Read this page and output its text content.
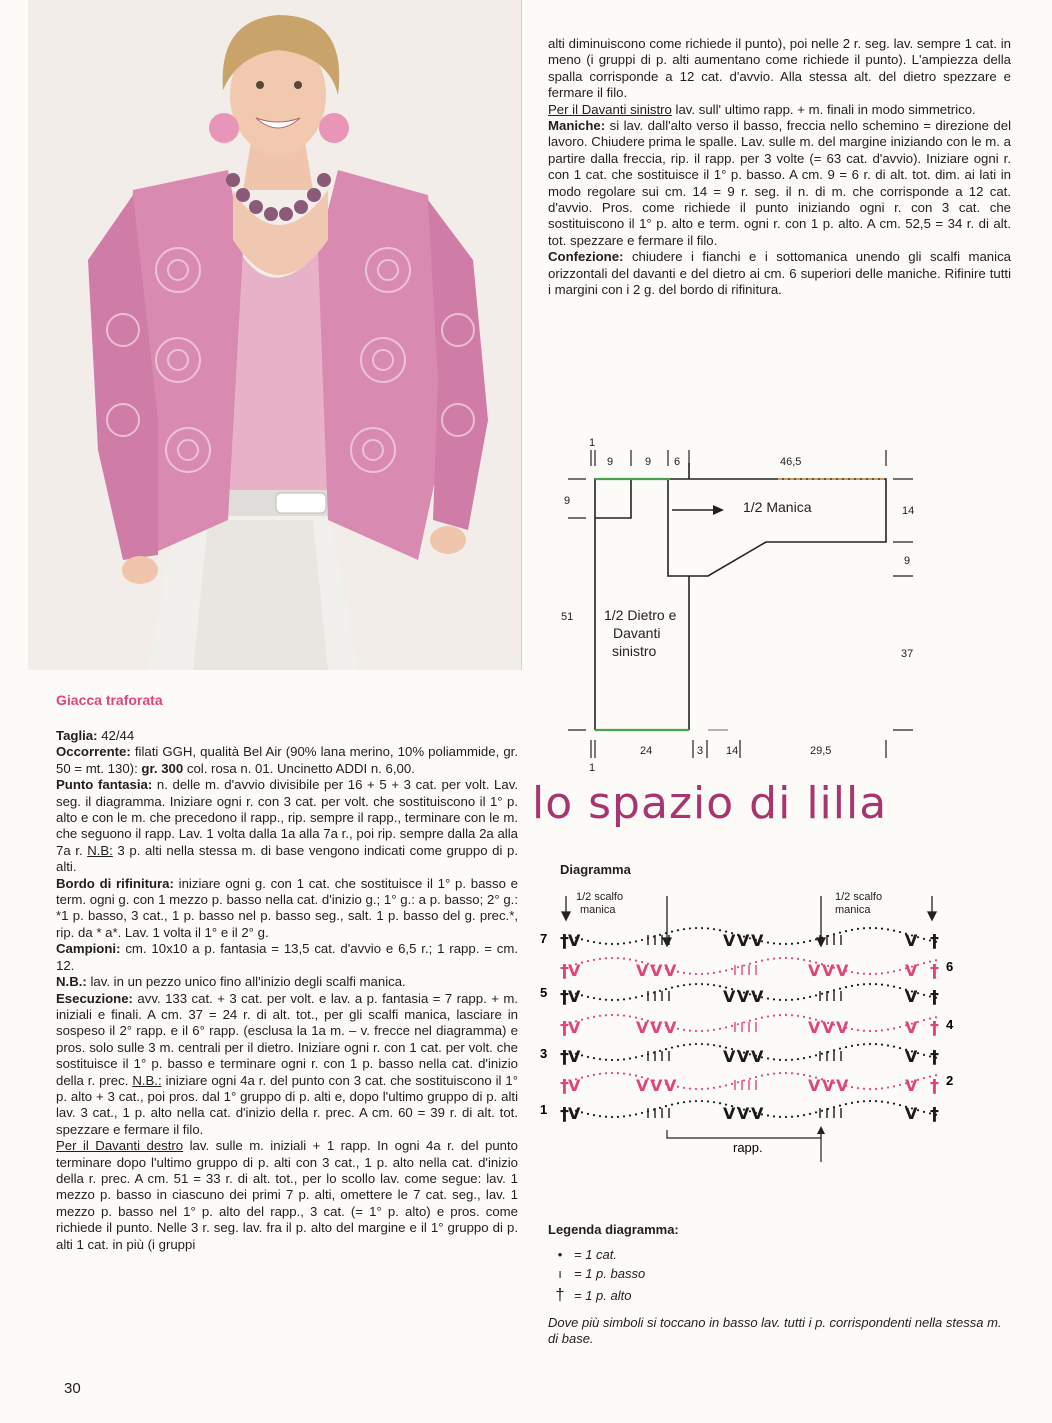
alti diminuiscono come richiede il punto), poi nelle 2 r. seg. lav. sempre 1 cat. in meno (i gruppi di p. alti aumentano come richiede il punto). L'ampiezza della spalla corrisponde a 12 cat. d'avvio. Alla stessa alt. del dietro spezzare e fermare il filo.

Per il Davanti sinistro lav. sull' ultimo rapp. + m. finali in modo simmetrico.

Maniche: si lav. dall'alto verso il basso, freccia nello schemino = direzione del lavoro. Chiudere prima le spalle. Lav. sulle m. del margine iniziando con le m. a partire dalla freccia, rip. il rapp. per 3 volte (= 63 cat. d'avvio). Iniziare ogni r. con 1 cat. che sostituisce il 1° p. basso. A cm. 9 = 6 r. di alt. tot. dim. ai lati in modo regolare sui cm. 14 = 9 r. seg. il n. di m. che corrisponde a 12 cat. d'avvio. Pros. come richiede il punto iniziando ogni r. con 3 cat. che sostituiscono il 1° p. alto e term. ogni r. con 1 p. alto. A cm. 52,5 = 34 r. di alt. tot. spezzare e fermare il filo.

Confezione: chiudere i fianchi e i sottomanica unendo gli scalfi manica orizzontali del davanti e del dietro ai cm. 6 superiori delle maniche. Rifinire tutti i margini con i 2 g. del bordo di rifinitura.

1
9	9 6	46,5
9
51
14
9
37
24	3 14	29,5
1
1/2 Manica
1/2 Dietro e
Davanti
sinistro
lo spazio di lilla
Diagramma
1/2 scalfo
manica
1/2 scalfo
manica
V	V V V	V
†	†
V	V V V	V V V	V
†	†
V	V V V	V
†	†
V	V V V	V V V	V
†	†
V	V V V	V
†	†
V	V V V	V V V	V
†	†
V	V V V	V
†	†
7
5
3
1
6
4
2
rapp.
Legenda diagramma:
• = 1 cat.
ı = 1 p. basso
† = 1 p. alto
Dove più simboli si toccano in basso lav. tutti i p. corrispondenti nella stessa m. di base.
Giacca traforata

Taglia: 42/44

Occorrente: filati GGH, qualità Bel Air (90% lana merino, 10% poliammide, gr. 50 = mt. 130): gr. 300 col. rosa n. 01. Uncinetto ADDI n. 6,00.

Punto fantasia: n. delle m. d'avvio divisibile per 16 + 5 + 3 cat. per volt. Lav. seg. il diagramma. Iniziare ogni r. con 3 cat. per volt. che sostituiscono il 1° p. alto e con le m. che precedono il rapp., rip. sempre il rapp., terminare con le m. che seguono il rapp. Lav. 1 volta dalla 1a alla 7a r., poi rip. sempre dalla 2a alla 7a r. N.B: 3 p. alti nella stessa m. di base vengono indicati come gruppo di p. alti.

Bordo di rifinitura: iniziare ogni g. con 1 cat. che sostituisce il 1° p. basso e term. ogni g. con 1 mezzo p. basso nella cat. d'inizio g.; 1° g.: a p. basso; 2° g.: *1 p. basso, 3 cat., 1 p. basso nel p. basso seg., salt. 1 p. basso del g. prec.*, rip. da * a*. Lav. 1 volta il 1° e il 2° g.

Campioni: cm. 10x10 a p. fantasia = 13,5 cat. d'avvio e 6,5 r.; 1 rapp. = cm. 12.

N.B.: lav. in un pezzo unico fino all'inizio degli scalfi manica.

Esecuzione: avv. 133 cat. + 3 cat. per volt. e lav. a p. fantasia = 7 rapp. + m. iniziali e finali. A cm. 37 = 24 r. di alt. tot., per gli scalfi manica, lasciare in sospeso il 2° rapp. e il 6° rapp. (esclusa la 1a m. – v. frecce nel diagramma) e pros. solo sulle 3 m. centrali per il dietro. Iniziare ogni r. con 1 cat. per volt. che sostituisce il 1° p. basso e terminare ogni r. con 1 p. basso nella cat. d'inizio della r. prec. N.B.: iniziare ogni 4a r. del punto con 3 cat. che sostituiscono il 1° p. alto + 3 cat., poi pros. dal 1° gruppo di p. alti e, dopo l'ultimo gruppo di p. alti lav. 3 cat., 1 p. alto nella cat. d'inizio della r. prec. A cm. 60 = 39 r. di alt. tot. spezzare e fermare il filo.

Per il Davanti destro lav. sulle m. iniziali + 1 rapp. In ogni 4a r. del punto terminare dopo l'ultimo gruppo di p. alti con 3 cat., 1 p. alto nella cat. d'inizio della r. prec. A cm. 51 = 33 r. di alt. tot., per lo scollo lav. come segue: lav. 1 mezzo p. basso in ciascuno dei primi 7 p. alti, omettere le 7 cat. seg., lav. 1 mezzo p. basso nel 1° p. alto del rapp., 3 cat. (= 1° p. alto) e pros. come richiede il punto. Nelle 3 r. seg. lav. fra il p. alto del margine e il 1° gruppo di p. alti 1 cat. in più (i gruppi

30
